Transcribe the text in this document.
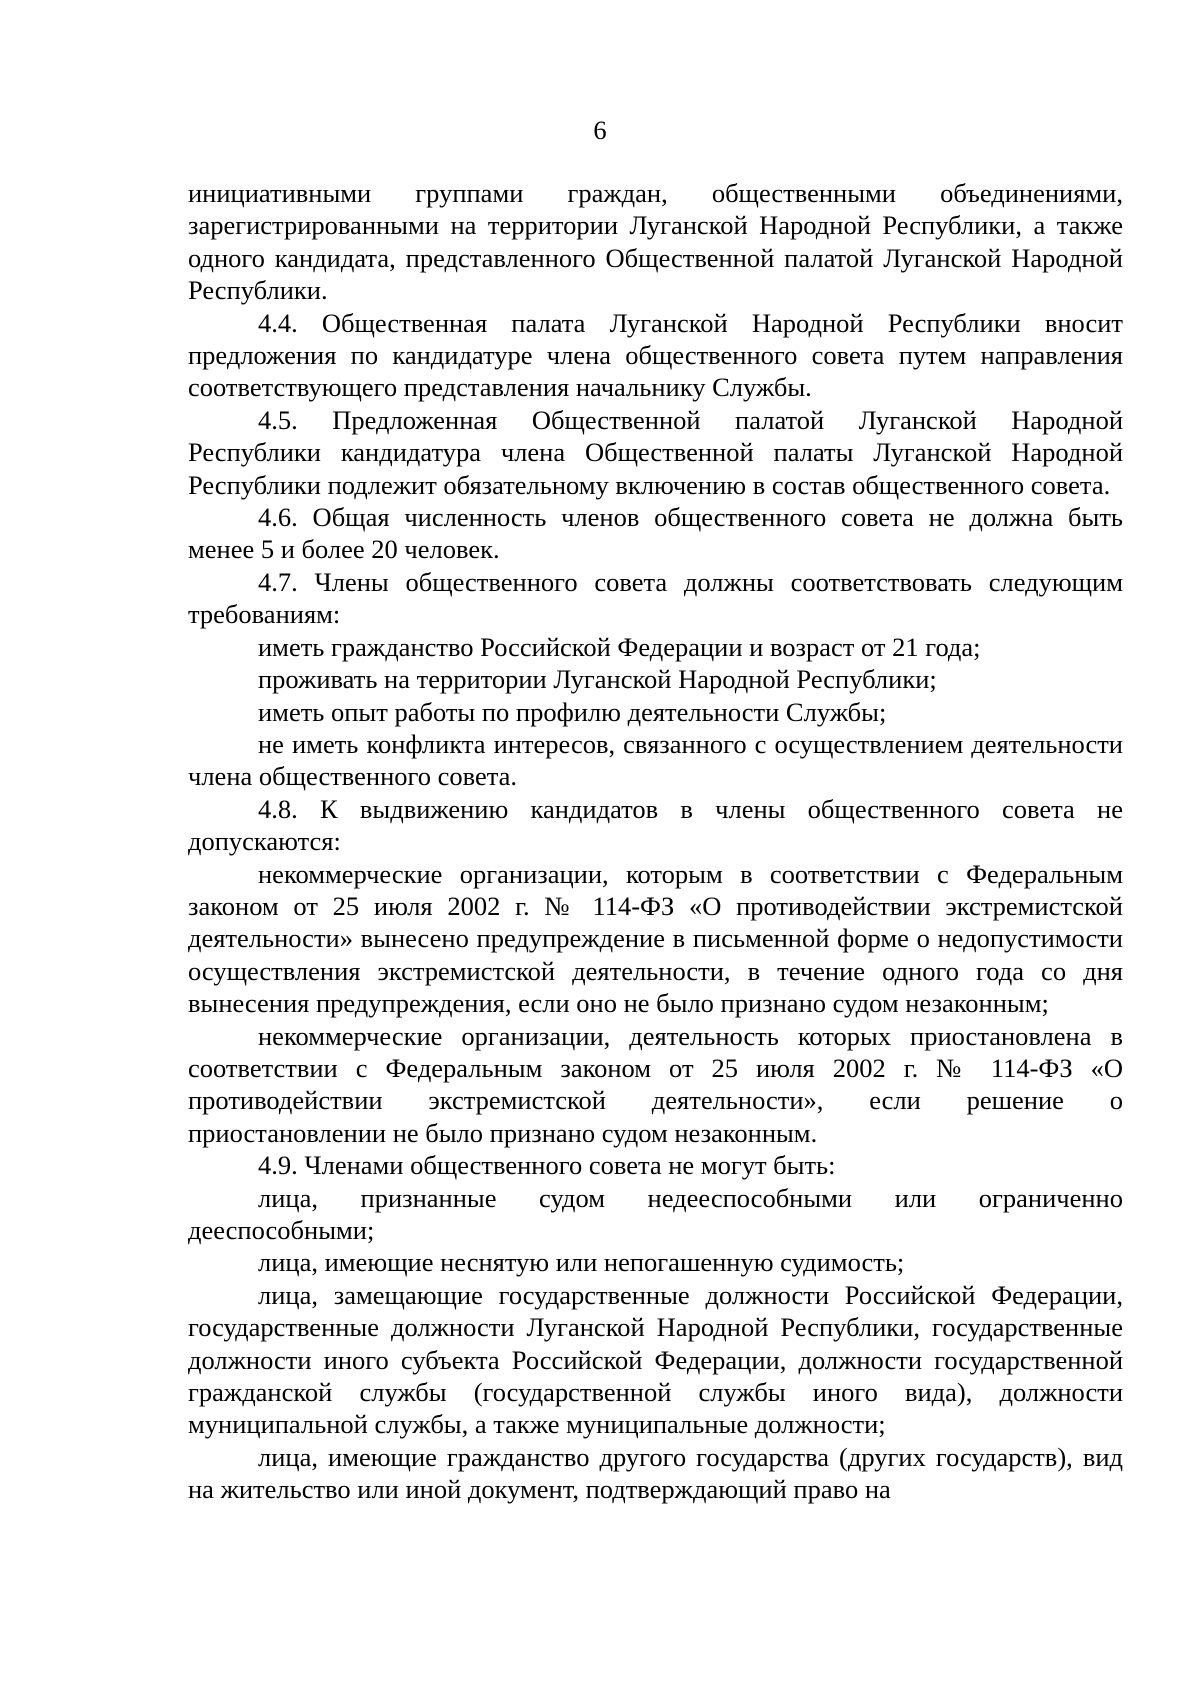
6

инициативными группами граждан, общественными объединениями, зарегистрированными на территории Луганской Народной Республики, а также одного кандидата, представленного Общественной палатой Луганской Народной Республики.

4.4. Общественная палата Луганской Народной Республики вносит предложения по кандидатуре члена общественного совета путем направления соответствующего представления начальнику Службы.

4.5. Предложенная Общественной палатой Луганской Народной Республики кандидатура члена Общественной палаты Луганской Народной Республики подлежит обязательному включению в состав общественного совета.

4.6. Общая численность членов общественного совета не должна быть менее 5 и более 20 человек.

4.7. Члены общественного совета должны соответствовать следующим требованиям:

иметь гражданство Российской Федерации и возраст от 21 года;

проживать на территории Луганской Народной Республики;

иметь опыт работы по профилю деятельности Службы;

не иметь конфликта интересов, связанного с осуществлением деятельности члена общественного совета.

4.8. К выдвижению кандидатов в члены общественного совета не допускаются:

некоммерческие организации, которым в соответствии с Федеральным законом от 25 июля 2002 г. № 114-ФЗ «О противодействии экстремистской деятельности» вынесено предупреждение в письменной форме о недопустимости осуществления экстремистской деятельности, в течение одного года со дня вынесения предупреждения, если оно не было признано судом незаконным;

некоммерческие организации, деятельность которых приостановлена в соответствии с Федеральным законом от 25 июля 2002 г. № 114-ФЗ «О противодействии экстремистской деятельности», если решение о приостановлении не было признано судом незаконным.

4.9. Членами общественного совета не могут быть:

лица, признанные судом недееспособными или ограниченно дееспособными;

лица, имеющие неснятую или непогашенную судимость;

лица, замещающие государственные должности Российской Федерации, государственные должности Луганской Народной Республики, государственные должности иного субъекта Российской Федерации, должности государственной гражданской службы (государственной службы иного вида), должности муниципальной службы, а также муниципальные должности;

лица, имеющие гражданство другого государства (других государств), вид на жительство или иной документ, подтверждающий право на
